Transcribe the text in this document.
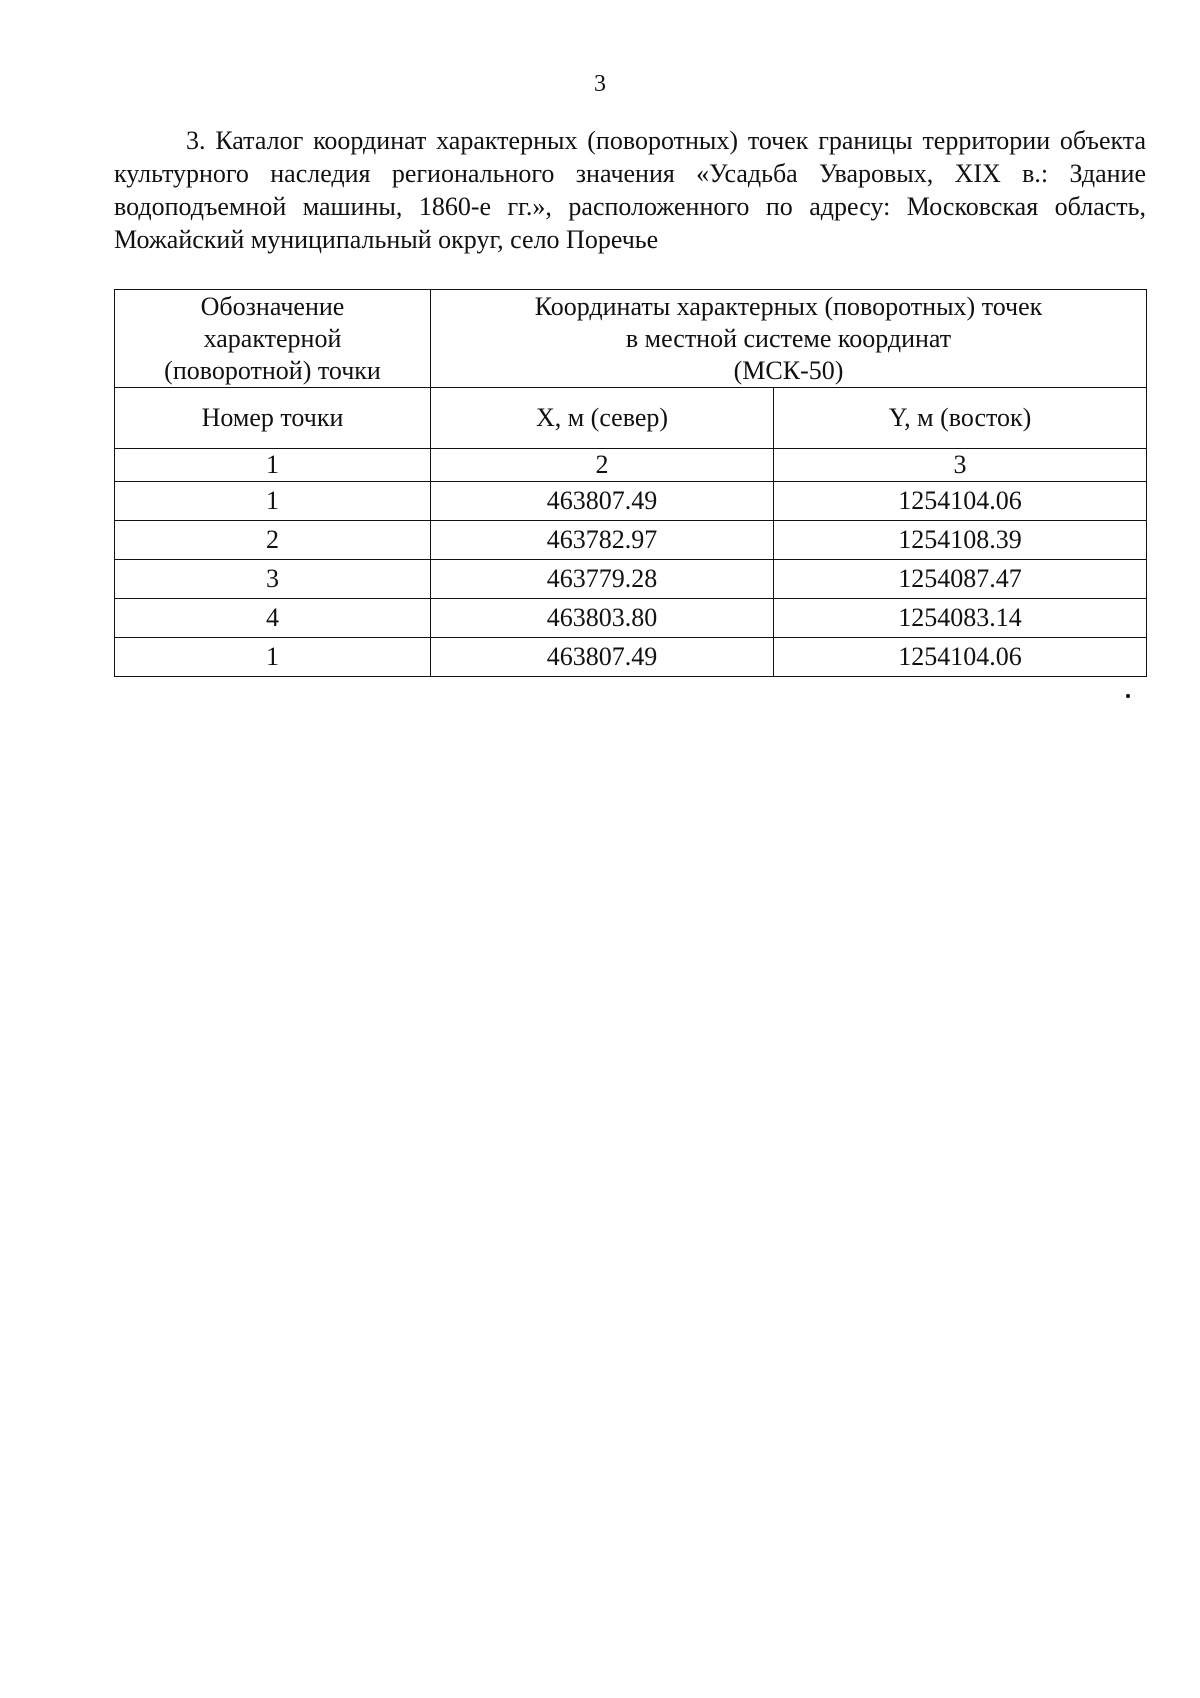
3

3. Каталог координат характерных (поворотных) точек границы территории объекта культурного наследия регионального значения «Усадьба Уваровых, XIX в.: Здание водоподъемной машины, 1860-е гг.», расположенного по адресу: Московская область, Можайский муниципальный округ, село Поречье

Обозначение
характерной
(поворотной) точки	Координаты характерных (поворотных) точек
в местной системе координат
(МСК-50)	

Номер точки	X, м (север)	Y, м (восток)
1	2	3
1	463807.49	1254104.06
2	463782.97	1254108.39
3	463779.28	1254087.47
4	463803.80	1254083.14
1	463807.49	1254104.06
